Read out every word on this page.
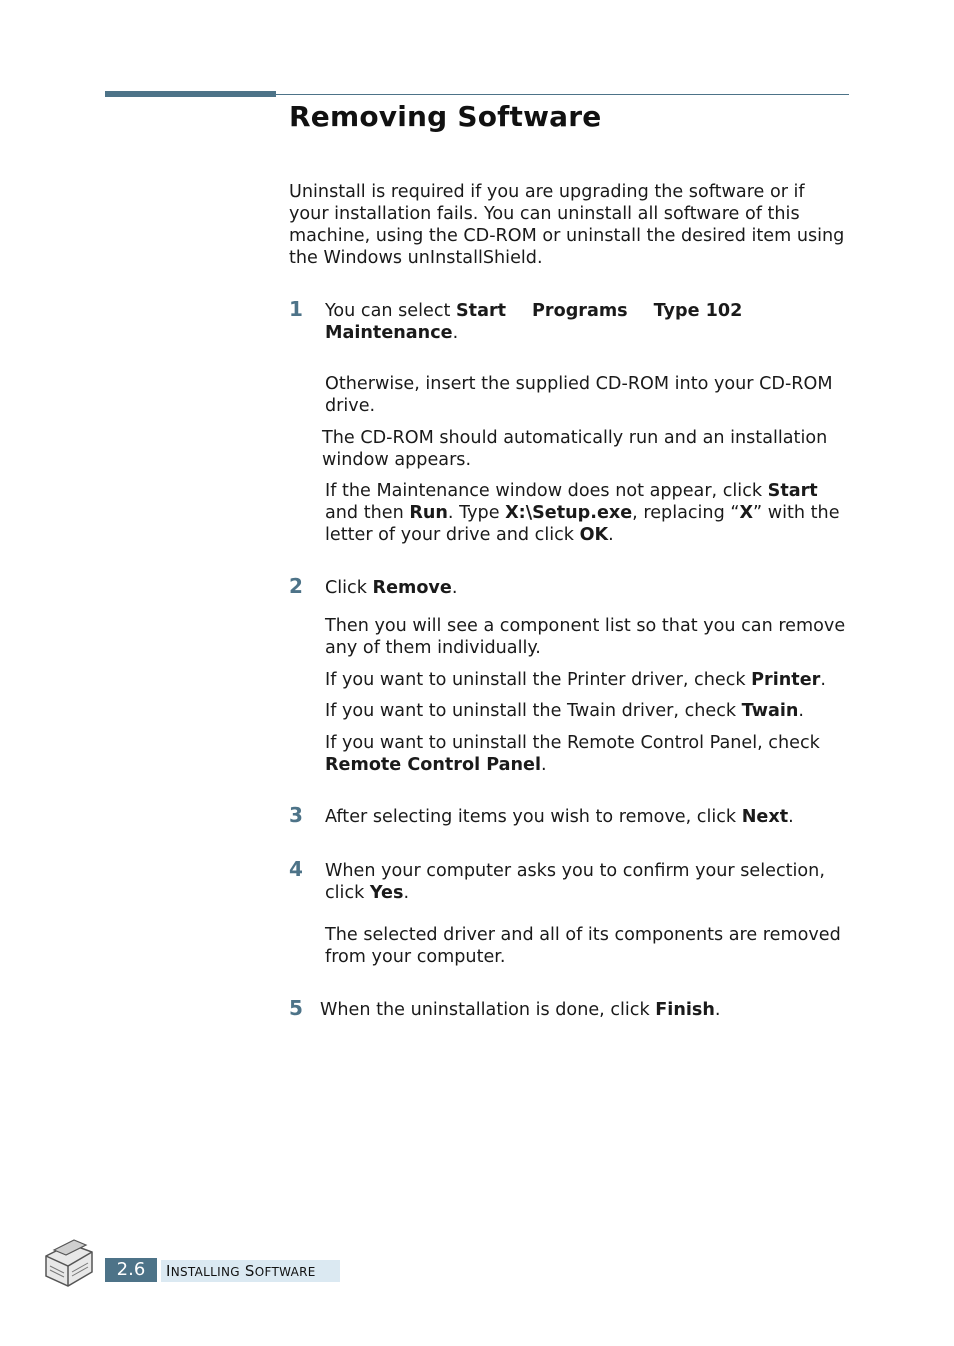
Removing Software

Uninstall is required if you are upgrading the software or if your installation fails. You can uninstall all software of this machine, using the CD-ROM or uninstall the desired item using the Windows unInstallShield.

1 You can select Start Programs Type 102
Maintenance.

Otherwise, insert the supplied CD-ROM into your CD-ROM drive.

The CD-ROM should automatically run and an installation window appears.

If the Maintenance window does not appear, click Start and then Run. Type X:\Setup.exe, replacing “X” with the letter of your drive and click OK.

2 Click Remove.

Then you will see a component list so that you can remove any of them individually.

If you want to uninstall the Printer driver, check Printer.

If you want to uninstall the Twain driver, check Twain.

If you want to uninstall the Remote Control Panel, check
Remote Control Panel.

3 After selecting items you wish to remove, click Next.

4 When your computer asks you to confirm your selection, click Yes.

The selected driver and all of its components are removed from your computer.

5 When the uninstallation is done, click Finish.

2.6	INSTALLING SOFTWARE
